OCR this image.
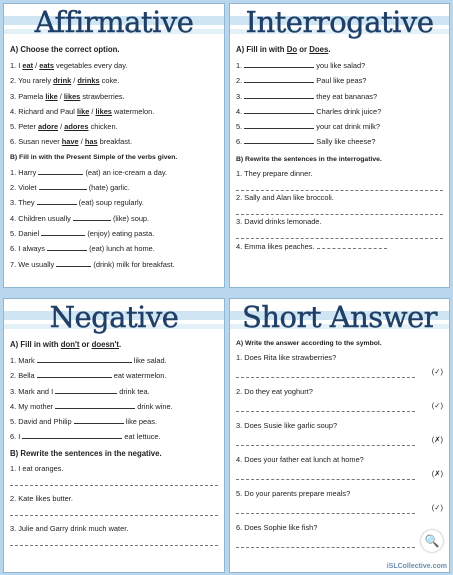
Affirmative
A) Choose the correct option.
1. I eat / eats vegetables every day.
2. You rarely drink / drinks coke.
3. Pamela like / likes strawberries.
4. Richard and Paul like / likes watermelon.
5. Peter adore / adores chicken.
6. Susan never have / has breakfast.
B) Fill in with the Present Simple of the verbs given.
1. Harry	(eat) an ice-cream a day.
2. Violet	(hate) garlic.
3. They	(eat) soup regularly.
4. Children usually	(like) soup.
5. Daniel	(enjoy) eating pasta.
6. I always	(eat) lunch at home.
7. We usually	(drink) milk for breakfast.
Interrogative
A) Fill in with Do or Does.
1.	you like salad?
2.	Paul like peas?
3.	they eat bananas?
4.	Charles drink juice?
5.	your cat drink milk?
6.	Sally like cheese?
B) Rewrite the sentences in the interrogative.
1. They prepare dinner.
2. Sally and Alan like broccoli.
3. David drinks lemonade.
4. Emma likes peaches.
Negative
A) Fill in with don't or doesn't.
1. Mark	like salad.
2. Bella	eat watermelon.
3. Mark and I	drink tea.
4. My mother	drink wine.
5. David and Philip	like peas.
6. I	eat lettuce.
B) Rewrite the sentences in the negative.
1. I eat oranges.
2. Kate likes butter.
3. Julie and Garry drink much water.
Short Answer
A) Write the answer according to the symbol.
1. Does Rita like strawberries?
(✓)
2. Do they eat yoghurt?
(✓)
3. Does Susie like garlic soup?
(✗)
4. Does your father eat lunch at home?
(✗)
5. Do your parents prepare meals?
(✓)
6. Does Sophie like fish?
🔍
iSLCollective.com
